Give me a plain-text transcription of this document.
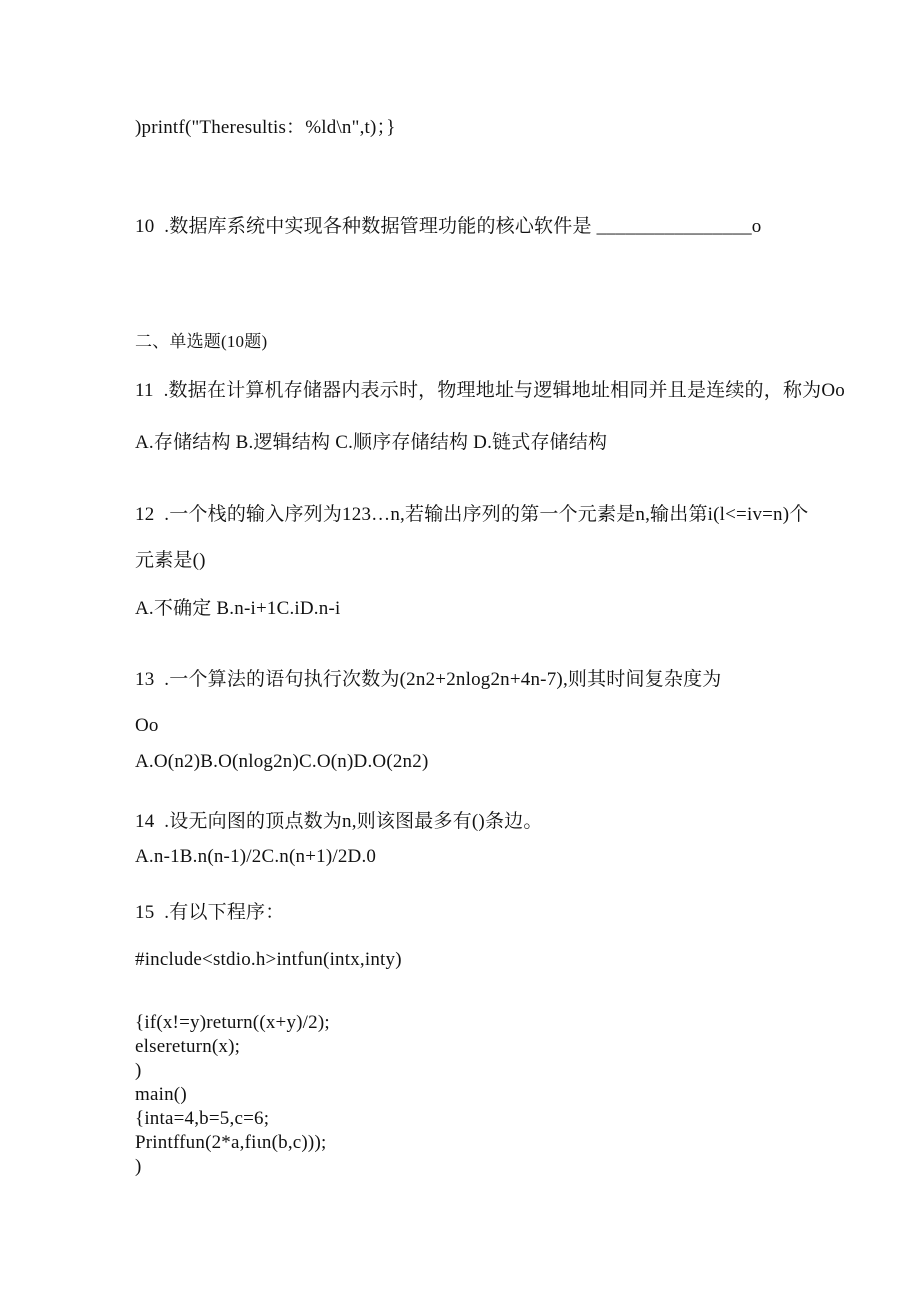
)printf("Theresultis：%ld\n",t)；}
10  .数据库系统中实现各种数据管理功能的核心软件是 ________________o
二、单选题(10题)
11  .数据在计算机存储器内表示时，物理地址与逻辑地址相同并且是连续的，称为Oo
A.存储结构 B.逻辑结构 C.顺序存储结构 D.链式存储结构
12  .一个栈的输入序列为123…n,若输出序列的第一个元素是n,输出第i(l<=iv=n)个
元素是()
A.不确定 B.n-i+1C.iD.n-i
13  .一个算法的语句执行次数为(2n2+2nlog2n+4n-7),则其时间复杂度为
Oo
A.O(n2)B.O(nlog2n)C.O(n)D.O(2n2)
14  .设无向图的顶点数为n,则该图最多有()条边。
A.n-1B.n(n-1)/2C.n(n+1)/2D.0
15  .有以下程序：
#include<stdio.h>intfun(intx,inty)
{if(x!=y)return((x+y)/2);
elsereturn(x);
)
main()
{inta=4,b=5,c=6;
Printffun(2*a,fiιn(b,c)));
)
